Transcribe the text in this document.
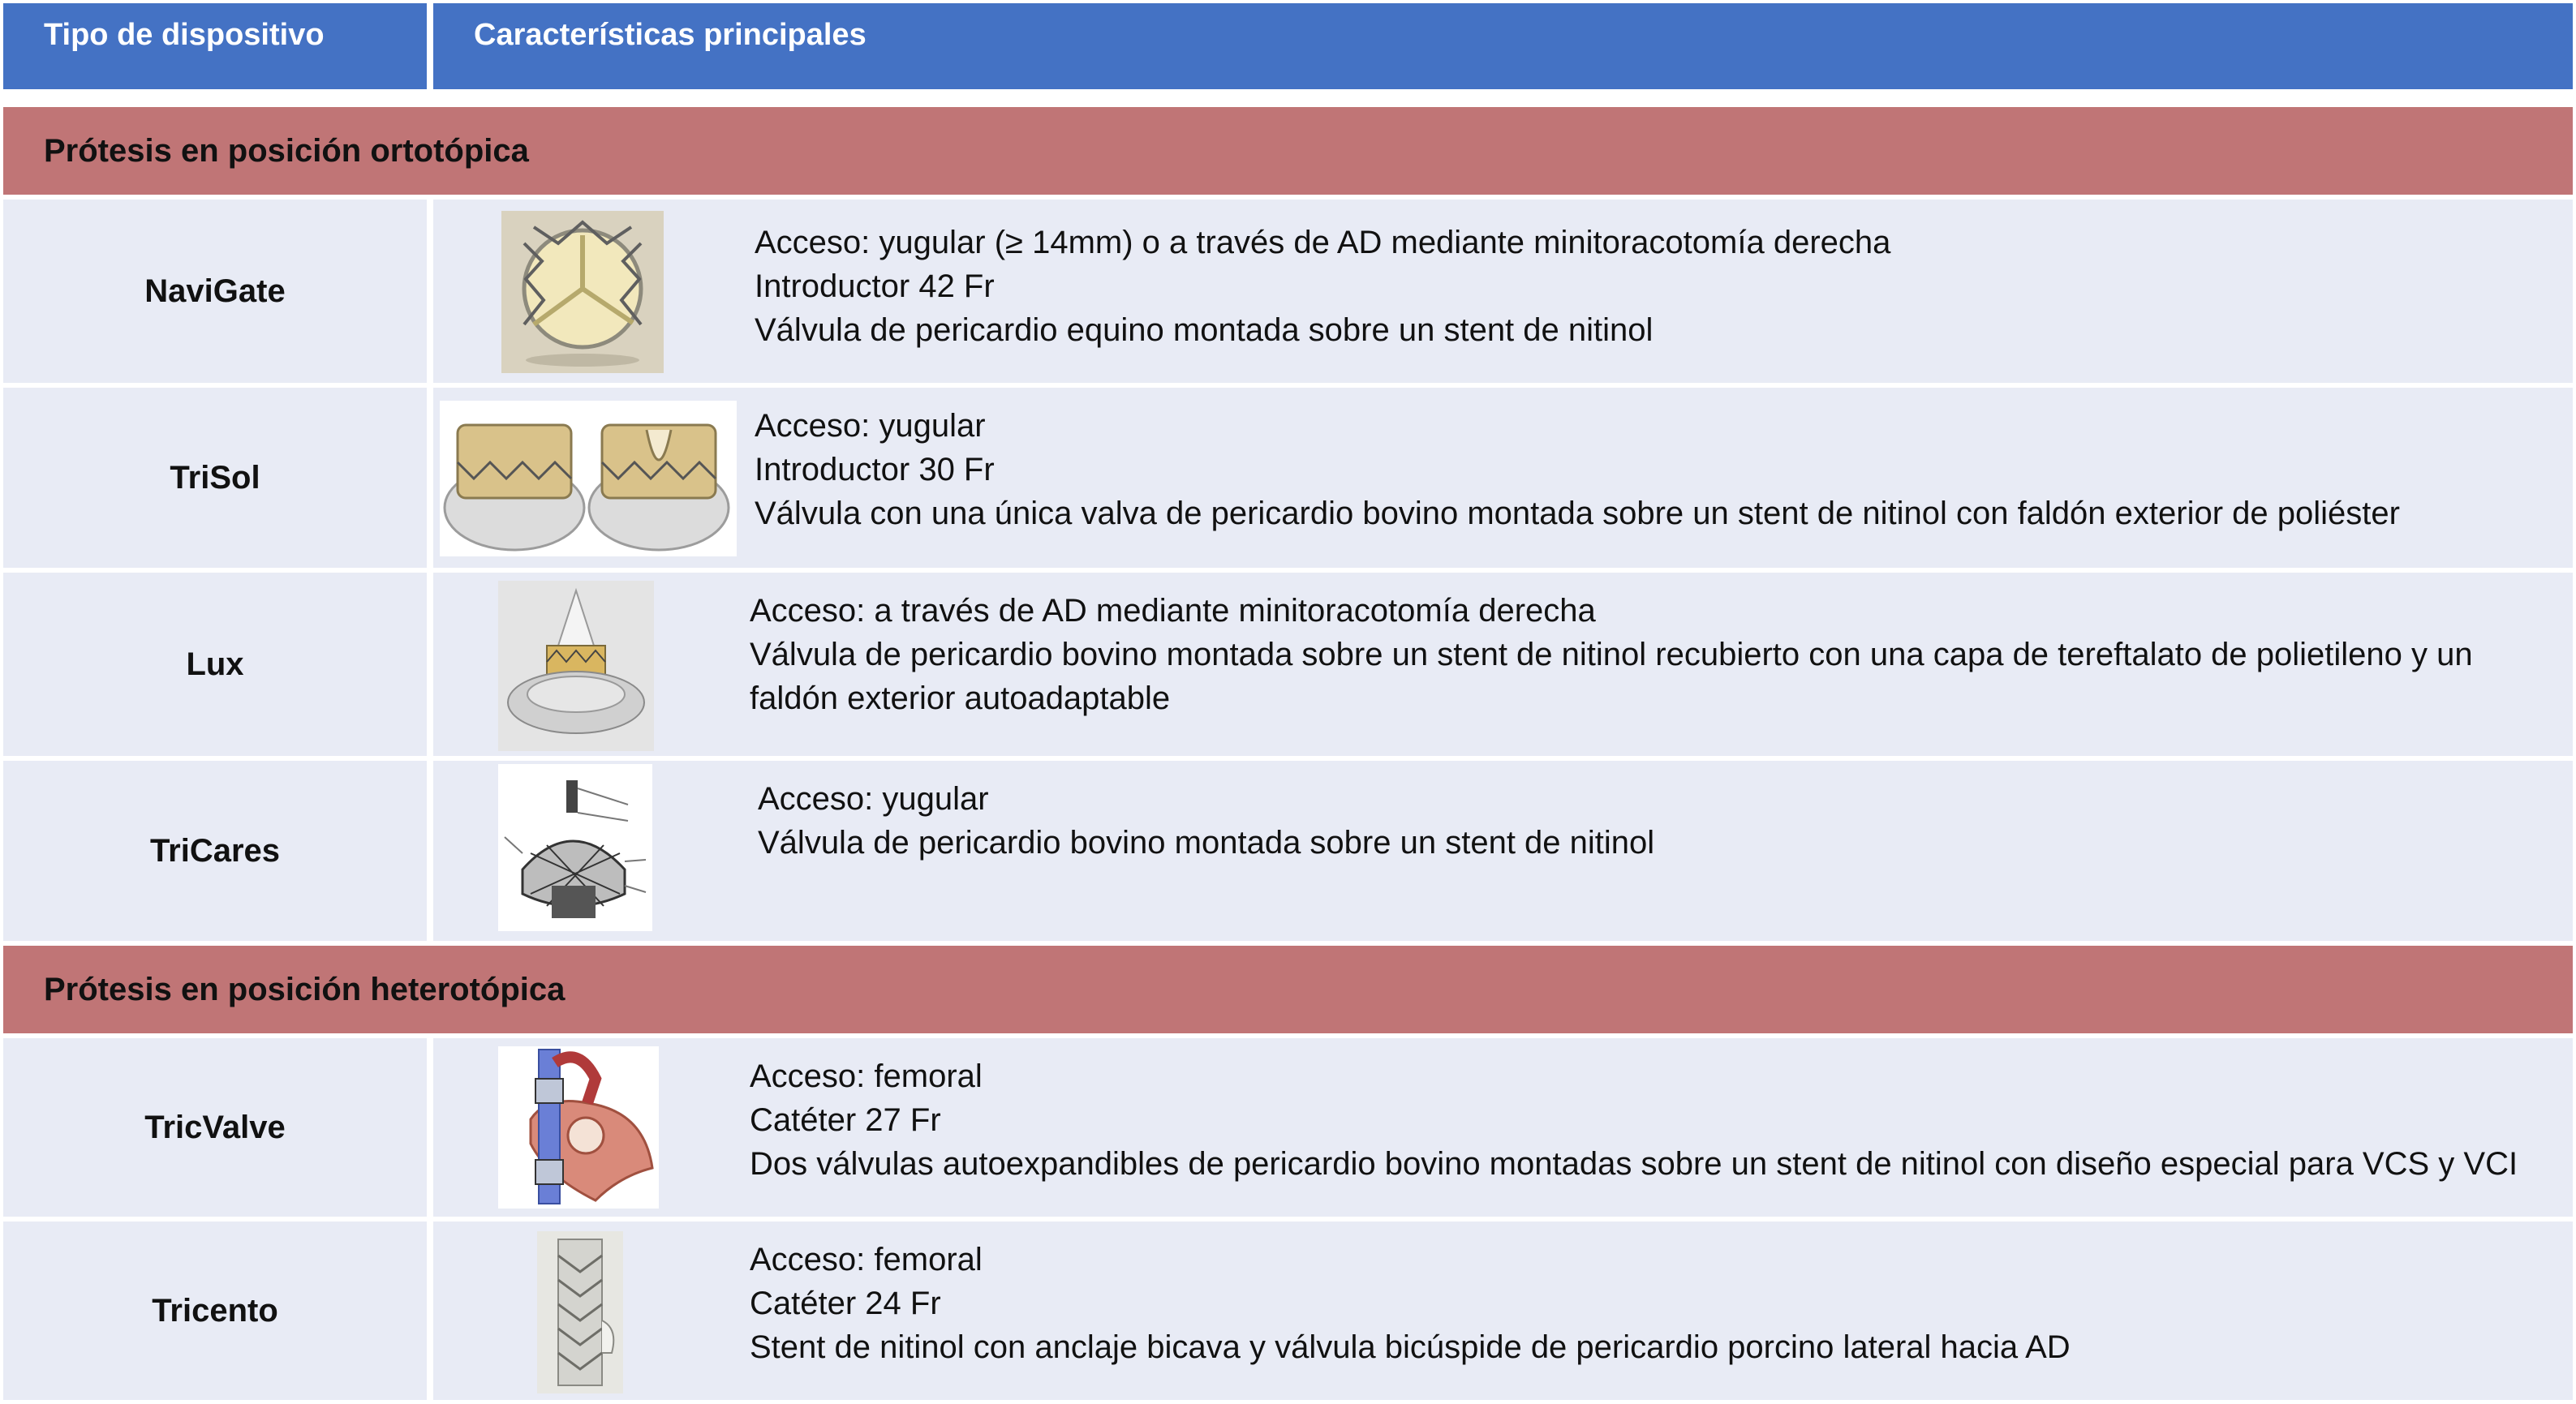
Tipo de dispositivo	Características principales
Prótesis en posición ortotópica
NaviGate
Acceso: yugular (≥ 14mm) o a través de AD mediante minitoracotomía derecha
Introductor 42 Fr
Válvula de pericardio equino montada sobre un stent de nitinol
TriSol
Acceso: yugular
Introductor 30 Fr
Válvula con una única valva de pericardio bovino montada sobre un stent de nitinol con faldón exterior de poliéster
Lux
Acceso: a través de AD mediante minitoracotomía derecha
Válvula de pericardio bovino montada sobre un stent de nitinol recubierto con una capa de tereftalato de polietileno y un
faldón exterior autoadaptable
TriCares
Acceso: yugular
Válvula de pericardio bovino montada sobre un stent de nitinol
Prótesis en posición heterotópica
TricValve
Acceso: femoral
Catéter 27 Fr
Dos válvulas autoexpandibles de pericardio bovino montadas sobre un stent de nitinol con diseño especial para VCS y VCI
Tricento
Acceso: femoral
Catéter 24 Fr
Stent de nitinol con anclaje bicava y válvula bicúspide de pericardio porcino lateral hacia AD
